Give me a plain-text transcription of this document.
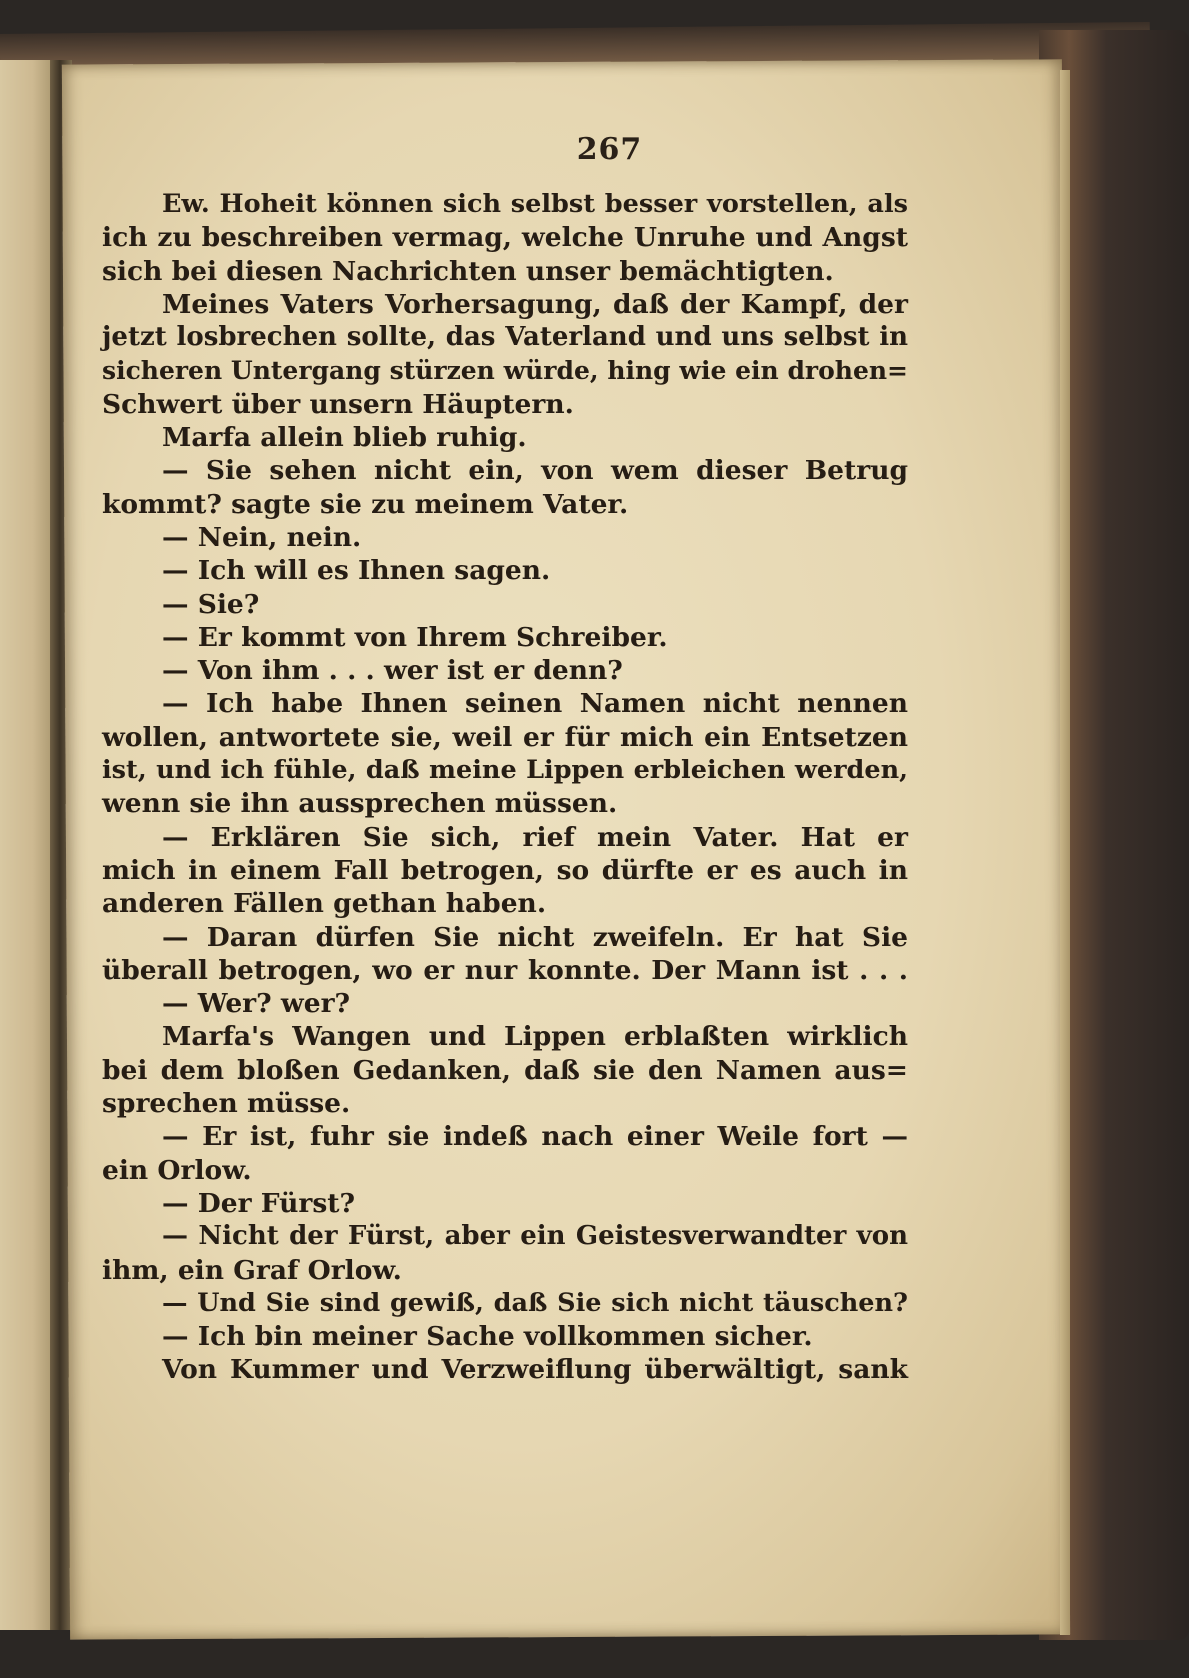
267
Ew. Hoheit können sich selbst besser vorstellen, als
ich zu beschreiben vermag, welche Unruhe und Angst
sich bei diesen Nachrichten unser bemächtigten.
Meines Vaters Vorhersagung, daß der Kampf, der
jetzt losbrechen sollte, das Vaterland und uns selbst in
sicheren Untergang stürzen würde, hing wie ein drohen=
Schwert über unsern Häuptern.
Marfa allein blieb ruhig.
— Sie sehen nicht ein, von wem dieser Betrug
kommt? sagte sie zu meinem Vater.
— Nein, nein.
— Ich will es Ihnen sagen.
— Sie?
— Er kommt von Ihrem Schreiber.
— Von ihm . . . wer ist er denn?
— Ich habe Ihnen seinen Namen nicht nennen
wollen, antwortete sie, weil er für mich ein Entsetzen
ist, und ich fühle, daß meine Lippen erbleichen werden,
wenn sie ihn aussprechen müssen.
— Erklären Sie sich, rief mein Vater. Hat er
mich in einem Fall betrogen, so dürfte er es auch in
anderen Fällen gethan haben.
— Daran dürfen Sie nicht zweifeln. Er hat Sie
überall betrogen, wo er nur konnte. Der Mann ist . . .
— Wer? wer?
Marfa's Wangen und Lippen erblaßten wirklich
bei dem bloßen Gedanken, daß sie den Namen aus=
sprechen müsse.
— Er ist, fuhr sie indeß nach einer Weile fort —
ein Orlow.
— Der Fürst?
— Nicht der Fürst, aber ein Geistesverwandter von
ihm, ein Graf Orlow.
— Und Sie sind gewiß, daß Sie sich nicht täuschen?
— Ich bin meiner Sache vollkommen sicher.
Von Kummer und Verzweiflung überwältigt, sank
